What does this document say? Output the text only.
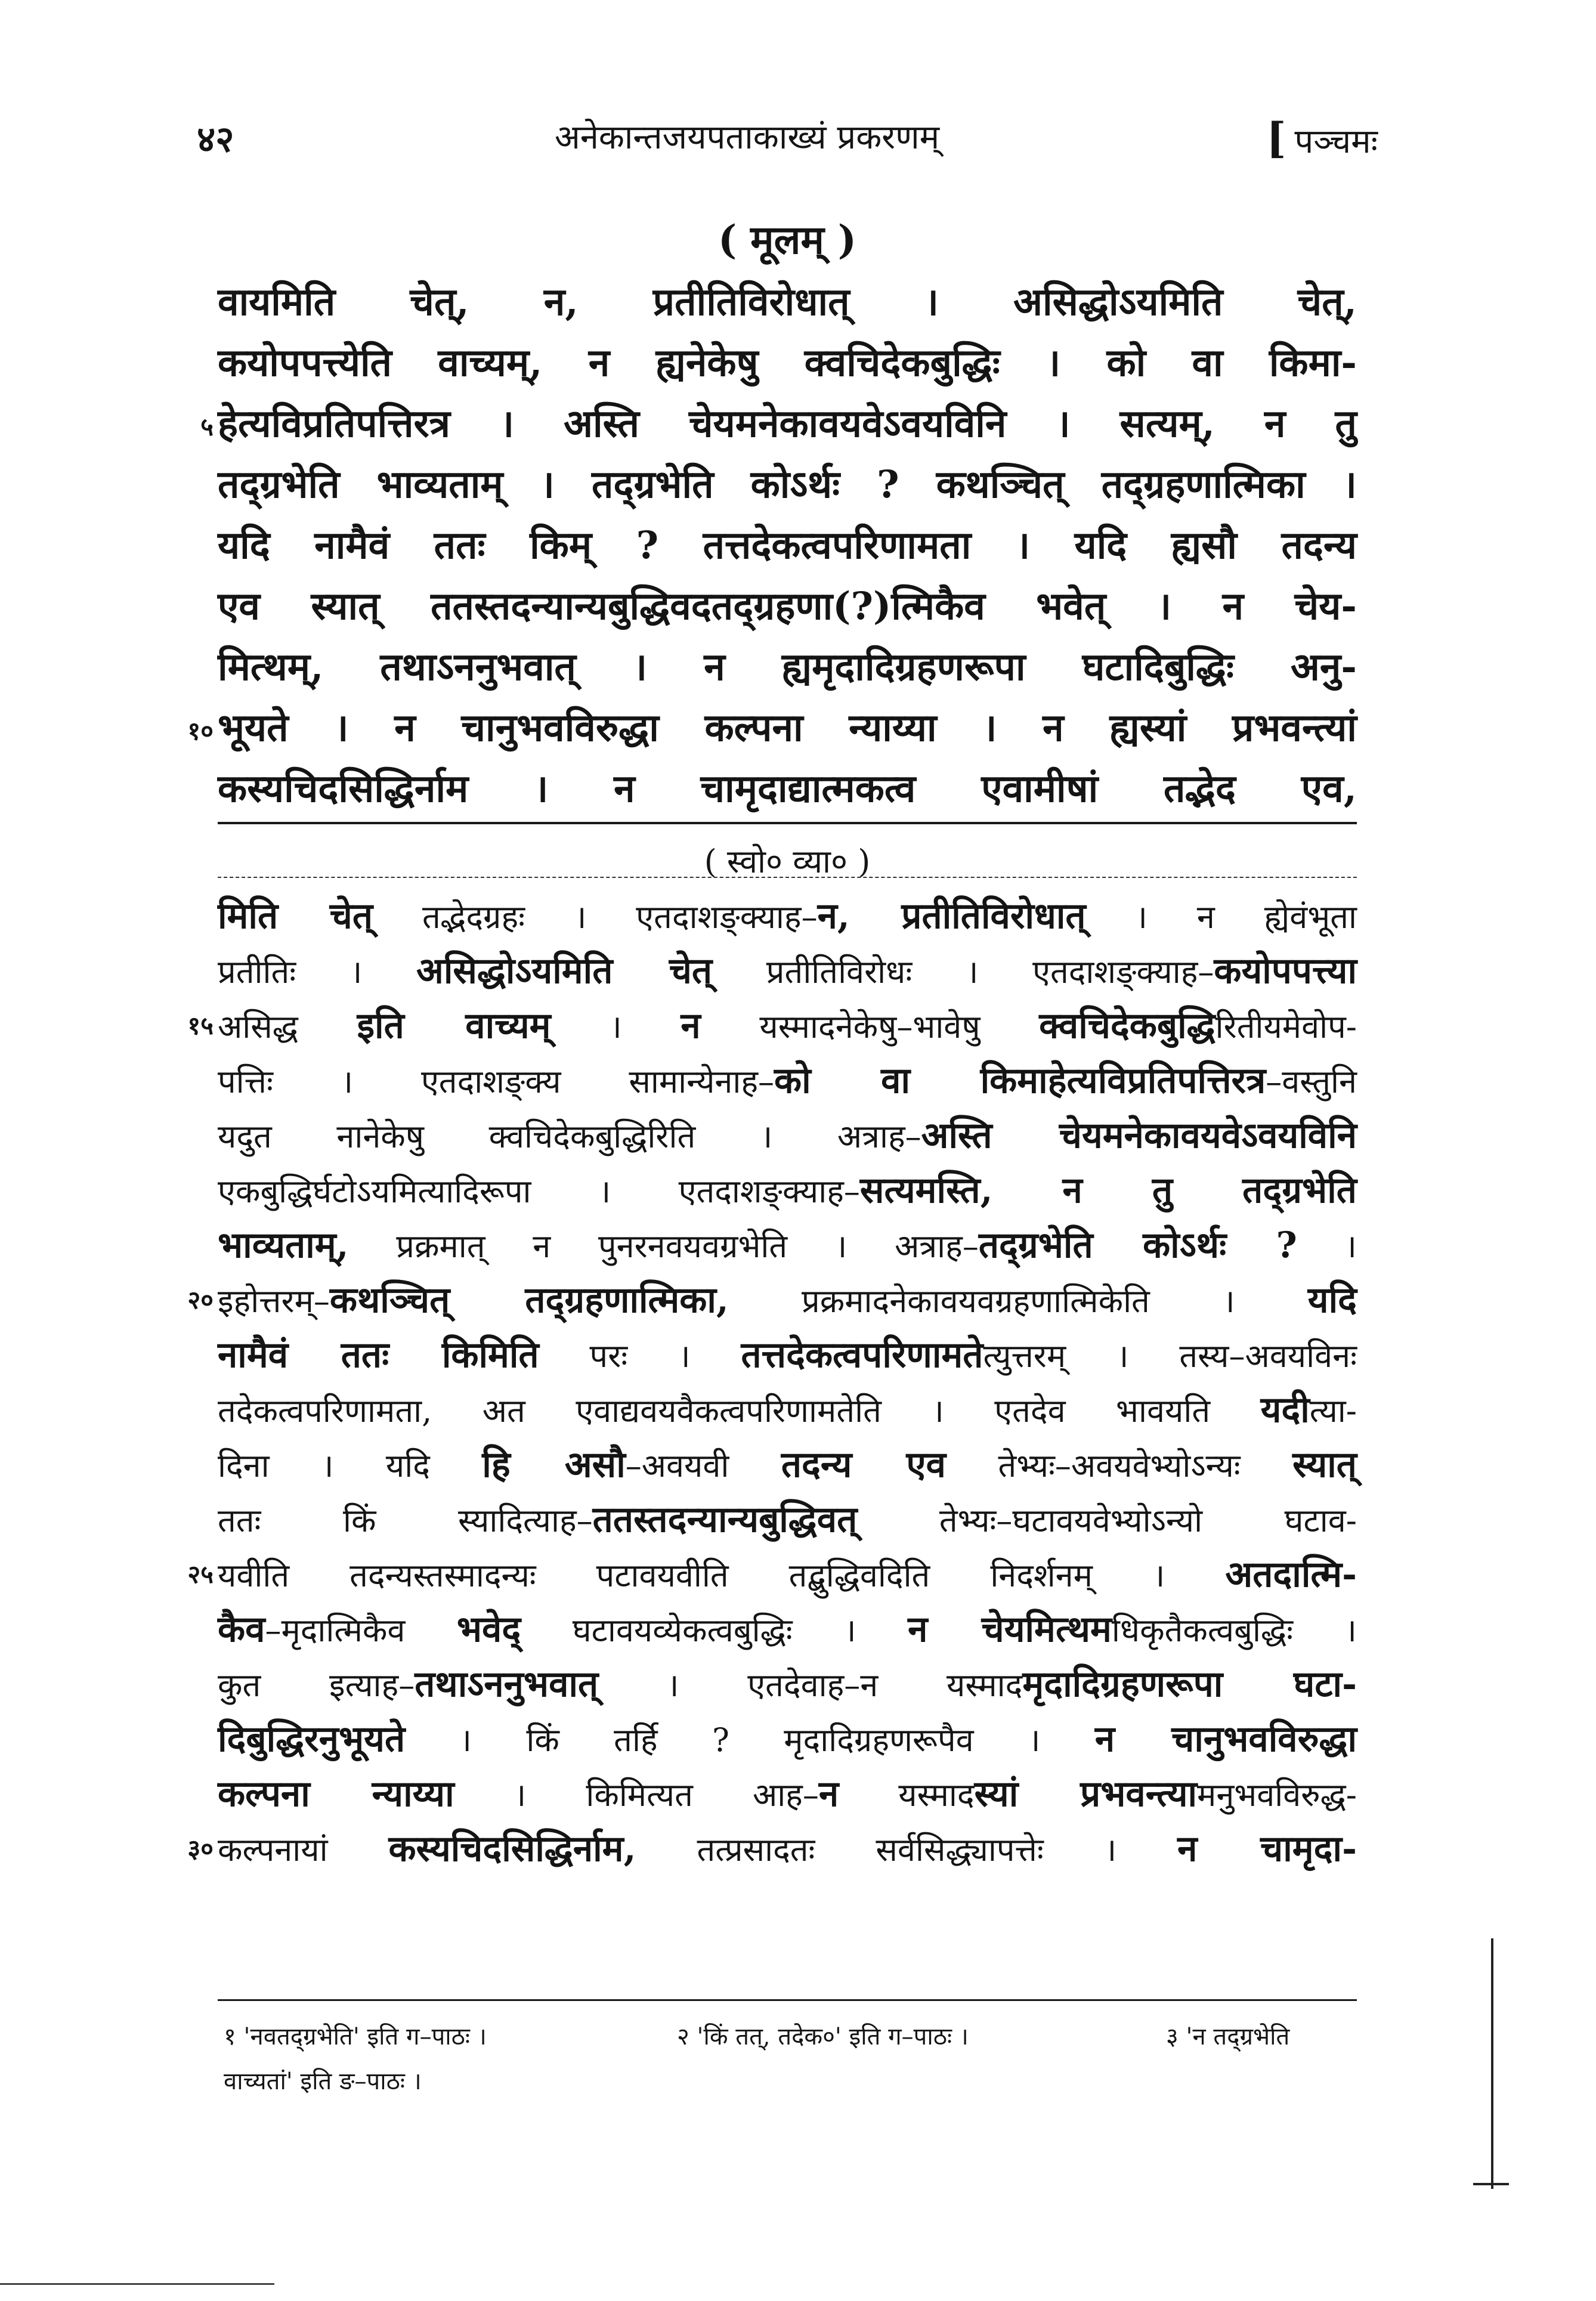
४२	अनेकान्तजयपताकाख्यं प्रकरणम्	[ पञ्चमः
( मूलम् )
वायमिति चेत्, न, प्रतीतिविरोधात् । असिद्धोऽयमिति चेत्,
कयोपपत्त्येति वाच्यम्, न ह्यनेकेषु क्वचिदेकबुद्धिः । को वा किमा-
५ हेत्यविप्रतिपत्तिरत्र । अस्ति चेयमनेकावयवेऽवयविनि । सत्यम्, न तु
तद्ग्रभेति भाव्यताम् । तद्ग्रभेति कोऽर्थः ? कथञ्चित् तद्ग्रहणात्मिका ।
यदि नामैवं ततः किम् ? तत्तदेकत्वपरिणामता । यदि ह्यसौ तदन्य
एव स्यात् ततस्तदन्यान्यबुद्धिवदतद्ग्रहणा(?)त्मिकैव भवेत् । न चेय-
मित्थम्, तथाऽननुभवात् । न ह्यमृदादिग्रहणरूपा घटादिबुद्धिः अनु-
१० भूयते । न चानुभवविरुद्धा कल्पना न्याय्या । न ह्यस्यां प्रभवन्त्यां
कस्यचिदसिद्धिर्नाम । न चामृदाद्यात्मकत्व एवामीषां तद्भेद एव,
( स्वो० व्या० )
मिति चेत् तद्भेदग्रहः । एतदाशङ्क्याह–न, प्रतीतिविरोधात् । न ह्येवंभूता
प्रतीतिः । असिद्धोऽयमिति चेत् प्रतीतिविरोधः । एतदाशङ्क्याह–कयोपपत्त्या
१५ असिद्ध इति वाच्यम् । न यस्मादनेकेषु–भावेषु क्वचिदेकबुद्धिरितीयमेवोप-
पत्तिः । एतदाशङ्क्य सामान्येनाह–को वा किमाहेत्यविप्रतिपत्तिरत्र–वस्तुनि
यदुत नानेकेषु क्वचिदेकबुद्धिरिति । अत्राह–अस्ति चेयमनेकावयवेऽवयविनि
एकबुद्धिर्घटोऽयमित्यादिरूपा । एतदाशङ्क्याह–सत्यमस्ति, न तु तद्ग्रभेति
भाव्यताम्, प्रक्रमात् न पुनरनवयवग्रभेति । अत्राह–तद्ग्रभेति कोऽर्थः ? ।
२० इहोत्तरम्–कथञ्चित् तद्ग्रहणात्मिका, प्रक्रमादनेकावयवग्रहणात्मिकेति । यदि
नामैवं ततः किमिति परः । तत्तदेकत्वपरिणामतेत्युत्तरम् । तस्य–अवयविनः
तदेकत्वपरिणामता, अत एवाद्यवयवैकत्वपरिणामतेति । एतदेव भावयति यदीत्या-
दिना । यदि हि असौ–अवयवी तदन्य एव तेभ्यः–अवयवेभ्योऽन्यः स्यात्
ततः किं स्यादित्याह–ततस्तदन्यान्यबुद्धिवत् तेभ्यः–घटावयवेभ्योऽन्यो घटाव-
२५ यवीति तदन्यस्तस्मादन्यः पटावयवीति तद्बुद्धिवदिति निदर्शनम् । अतदात्मि-
कैव–मृदात्मिकैव भवेद् घटावयव्येकत्वबुद्धिः । न चेयमित्थमधिकृतैकत्वबुद्धिः ।
कुत इत्याह–तथाऽननुभवात् । एतदेवाह–न यस्मादमृदादिग्रहणरूपा घटा-
दिबुद्धिरनुभूयते । किं तर्हि ? मृदादिग्रहणरूपैव । न चानुभवविरुद्धा
कल्पना न्याय्या । किमित्यत आह–न यस्मादस्यां प्रभवन्त्यामनुभवविरुद्ध-
३० कल्पनायां कस्यचिदसिद्धिर्नाम, तत्प्रसादतः सर्वसिद्ध्यापत्तेः । न चामृदा-
१ 'नवतद्ग्रभेति' इति ग–पाठः ।	२ 'किं तत्, तदेक०' इति ग–पाठः ।	३ 'न तद्ग्रभेति
वाच्यतां' इति ङ–पाठः ।
